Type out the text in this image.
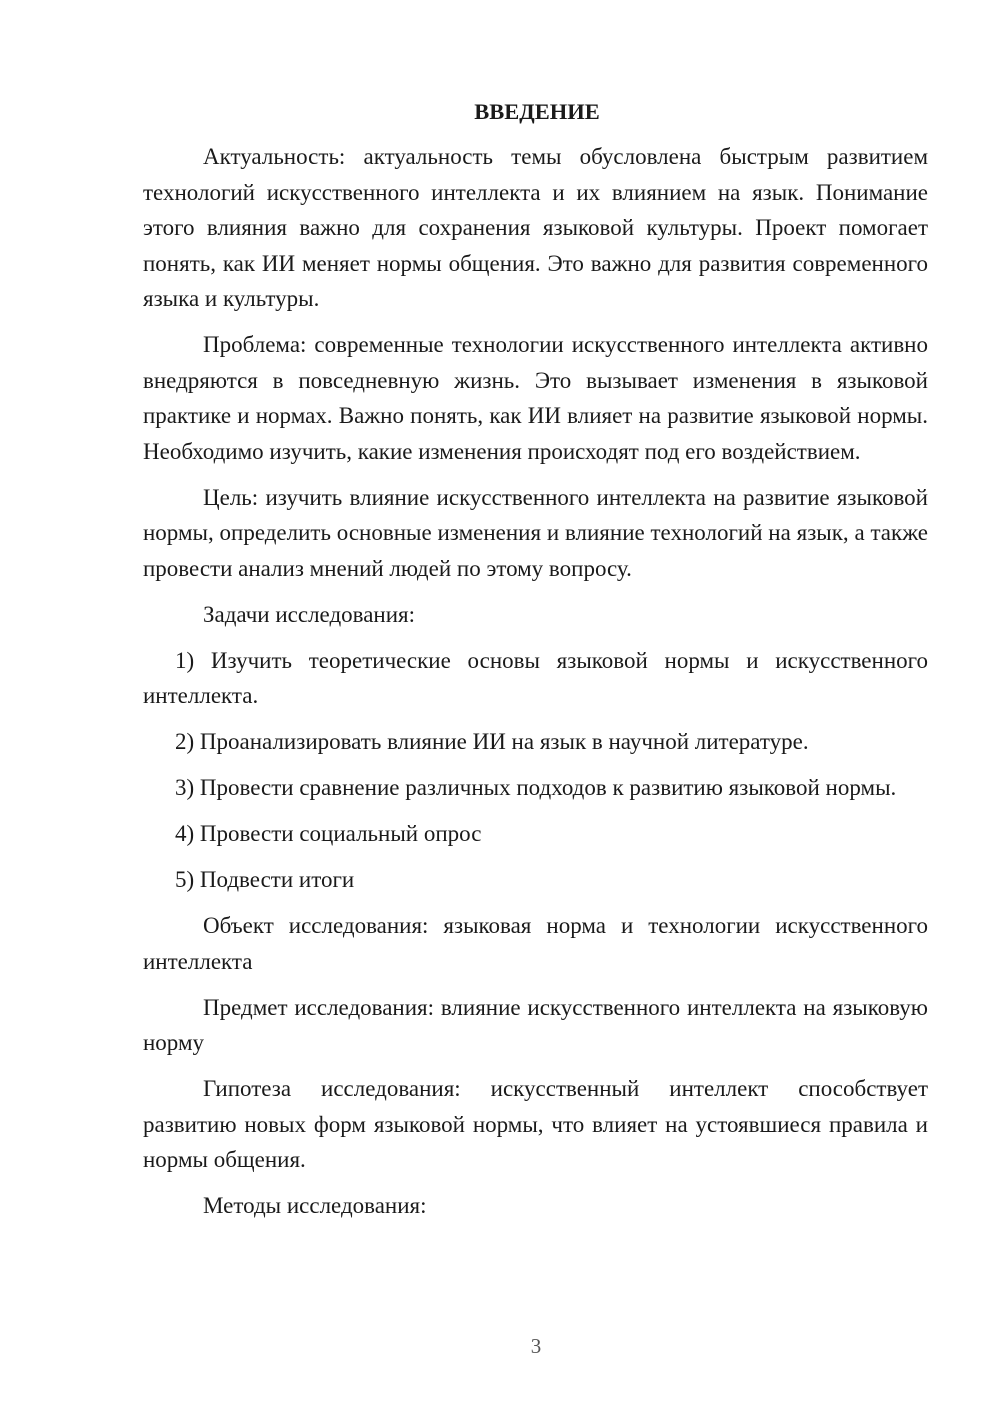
ВВЕДЕНИЕ

Актуальность: актуальность темы обусловлена быстрым развитием технологий искусственного интеллекта и их влиянием на язык. Понимание этого влияния важно для сохранения языковой культуры. Проект помогает понять, как ИИ меняет нормы общения. Это важно для развития современного языка и культуры.

Проблема: современные технологии искусственного интеллекта активно внедряются в повседневную жизнь. Это вызывает изменения в языковой практике и нормах. Важно понять, как ИИ влияет на развитие языковой нормы. Необходимо изучить, какие изменения происходят под его воздействием.

Цель: изучить влияние искусственного интеллекта на развитие языковой нормы, определить основные изменения и влияние технологий на язык, а также провести анализ мнений людей по этому вопросу.

Задачи исследования:

1) Изучить теоретические основы языковой нормы и искусственного интеллекта.

2) Проанализировать влияние ИИ на язык в научной литературе.

3) Провести сравнение различных подходов к развитию языковой нормы.

4) Провести социальный опрос

5) Подвести итоги

Объект исследования: языковая норма и технологии искусственного интеллекта

Предмет исследования: влияние искусственного интеллекта на языковую норму

Гипотеза исследования: искусственный интеллект способствует развитию новых форм языковой нормы, что влияет на устоявшиеся правила и нормы общения.

Методы исследования:

3
